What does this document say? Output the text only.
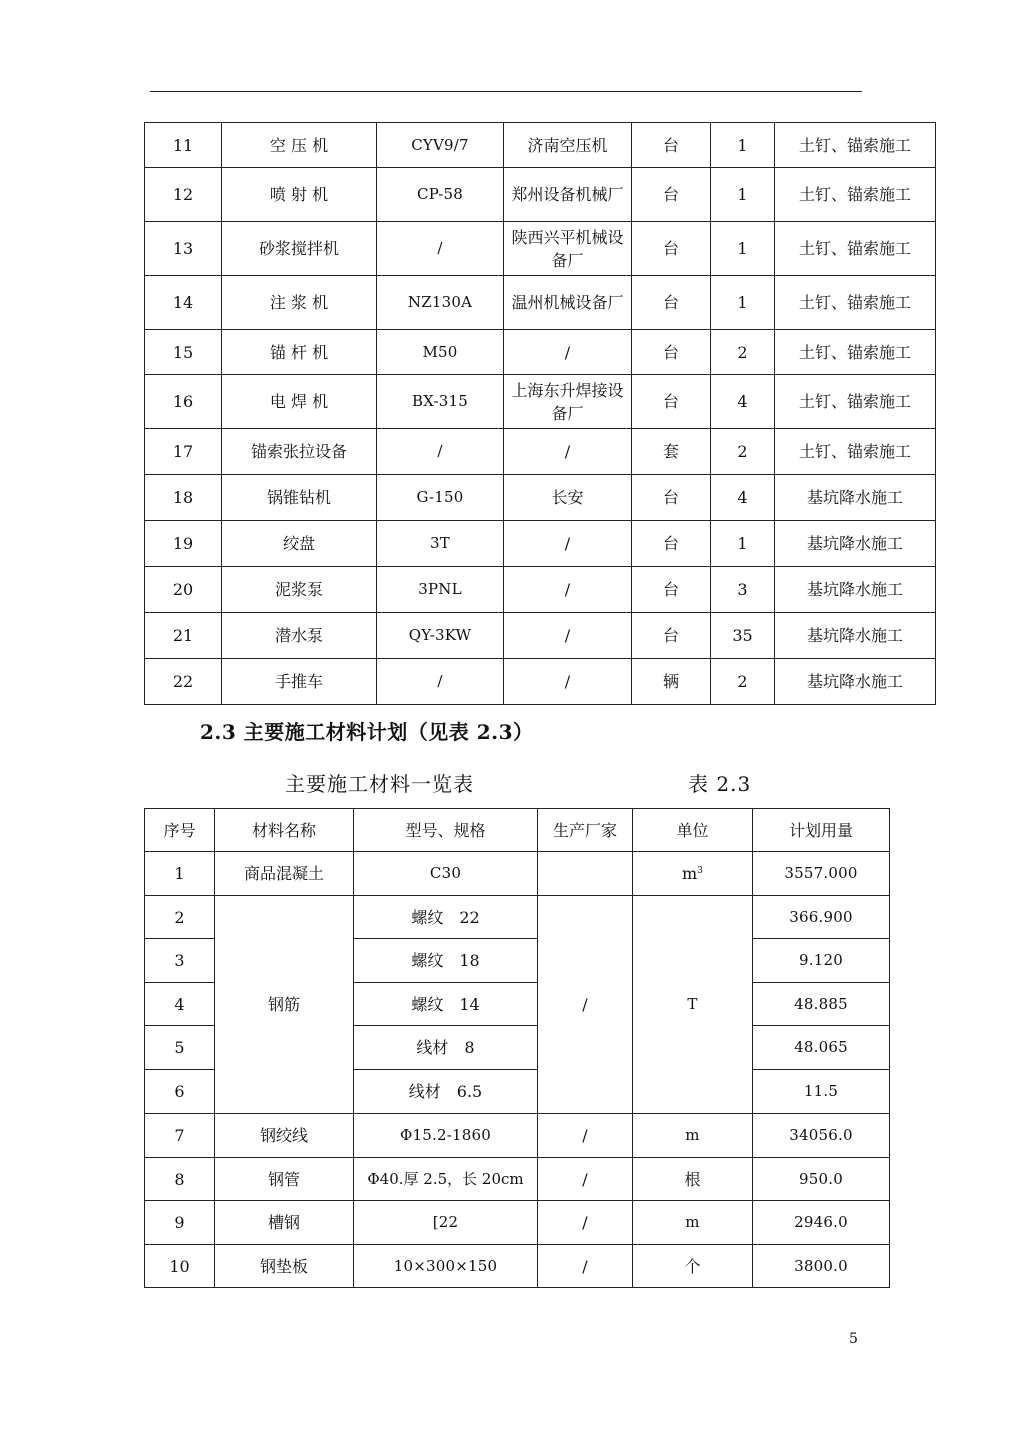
11	空 压 机	CYV9/7	济南空压机	台	1	土钉、锚索施工
12	喷 射 机	CP-58	郑州设备机械厂	台	1	土钉、锚索施工
13	砂浆搅拌机	/	陕西兴平机械设备厂	台	1	土钉、锚索施工
14	注 浆 机	NZ130A	温州机械设备厂	台	1	土钉、锚索施工
15	锚 杆 机	M50	/	台	2	土钉、锚索施工
16	电 焊 机	BX-315	上海东升焊接设备厂	台	4	土钉、锚索施工
17	锚索张拉设备	/	/	套	2	土钉、锚索施工
18	锅锥钻机	G-150	长安	台	4	基坑降水施工
19	绞盘	3T	/	台	1	基坑降水施工
20	泥浆泵	3PNL	/	台	3	基坑降水施工
21	潜水泵	QY-3KW	/	台	35	基坑降水施工
22	手推车	/	/	辆	2	基坑降水施工
2.3 主要施工材料计划（见表 2.3）
主要施工材料一览表	表 2.3
序号	材料名称	型号、规格	生产厂家	单位	计划用量
1	商品混凝土	C30		$m^3$	3557.000
2	钢筋	螺纹　22	/	T	366.900
3		螺纹　18			9.120
4		螺纹　14			48.885
5		线材　8			48.065
6		线材　6.5			11.5
7	钢绞线	Φ15.2-1860	/	m	34056.0
8	钢管	Φ40.厚 2.5，长 20cm	/	根	950.0
9	槽钢	[22	/	m	2946.0
10	钢垫板	10×300×150	/	个	3800.0
5
